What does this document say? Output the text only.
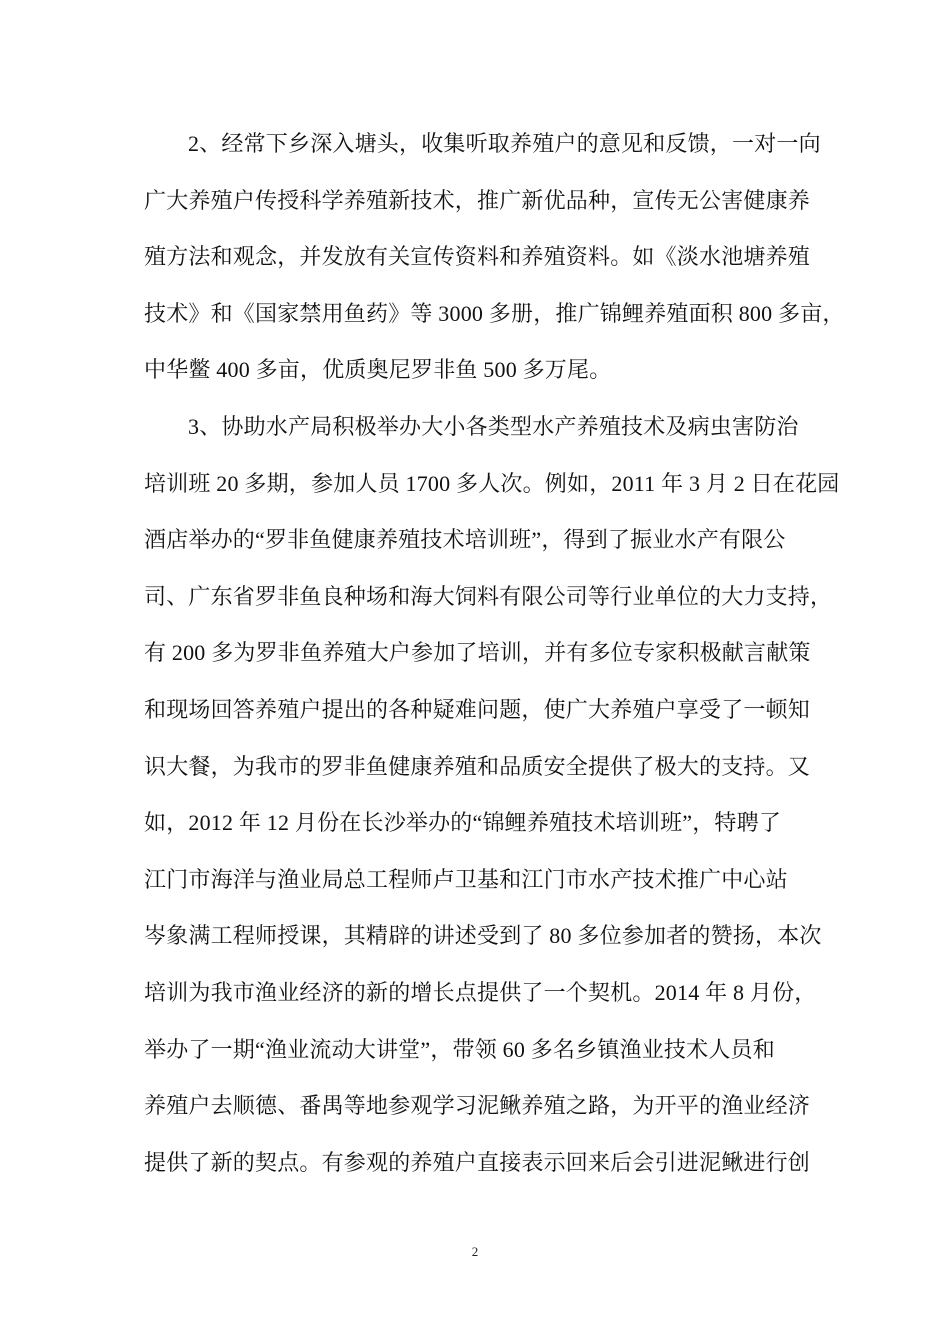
2、经常下乡深入塘头，收集听取养殖户的意见和反馈，一对一向
广大养殖户传授科学养殖新技术，推广新优品种，宣传无公害健康养
殖方法和观念，并发放有关宣传资料和养殖资料。如《淡水池塘养殖
技术》和《国家禁用鱼药》等 3000 多册，推广锦鲤养殖面积 800 多亩，
中华鳖 400 多亩，优质奥尼罗非鱼 500 多万尾。
3、协助水产局积极举办大小各类型水产养殖技术及病虫害防治
培训班 20 多期，参加人员 1700 多人次。例如，2011 年 3 月 2 日在花园
酒店举办的“罗非鱼健康养殖技术培训班”，得到了振业水产有限公
司、广东省罗非鱼良种场和海大饲料有限公司等行业单位的大力支持，
有 200 多为罗非鱼养殖大户参加了培训，并有多位专家积极献言献策
和现场回答养殖户提出的各种疑难问题，使广大养殖户享受了一顿知
识大餐，为我市的罗非鱼健康养殖和品质安全提供了极大的支持。又
如，2012 年 12 月份在长沙举办的“锦鲤养殖技术培训班”，特聘了
江门市海洋与渔业局总工程师卢卫基和江门市水产技术推广中心站
岑象满工程师授课，其精辟的讲述受到了 80 多位参加者的赞扬，本次
培训为我市渔业经济的新的增长点提供了一个契机。2014 年 8 月份，
举办了一期“渔业流动大讲堂”，带领 60 多名乡镇渔业技术人员和
养殖户去顺德、番禺等地参观学习泥鳅养殖之路，为开平的渔业经济
提供了新的契点。有参观的养殖户直接表示回来后会引进泥鳅进行创
2
